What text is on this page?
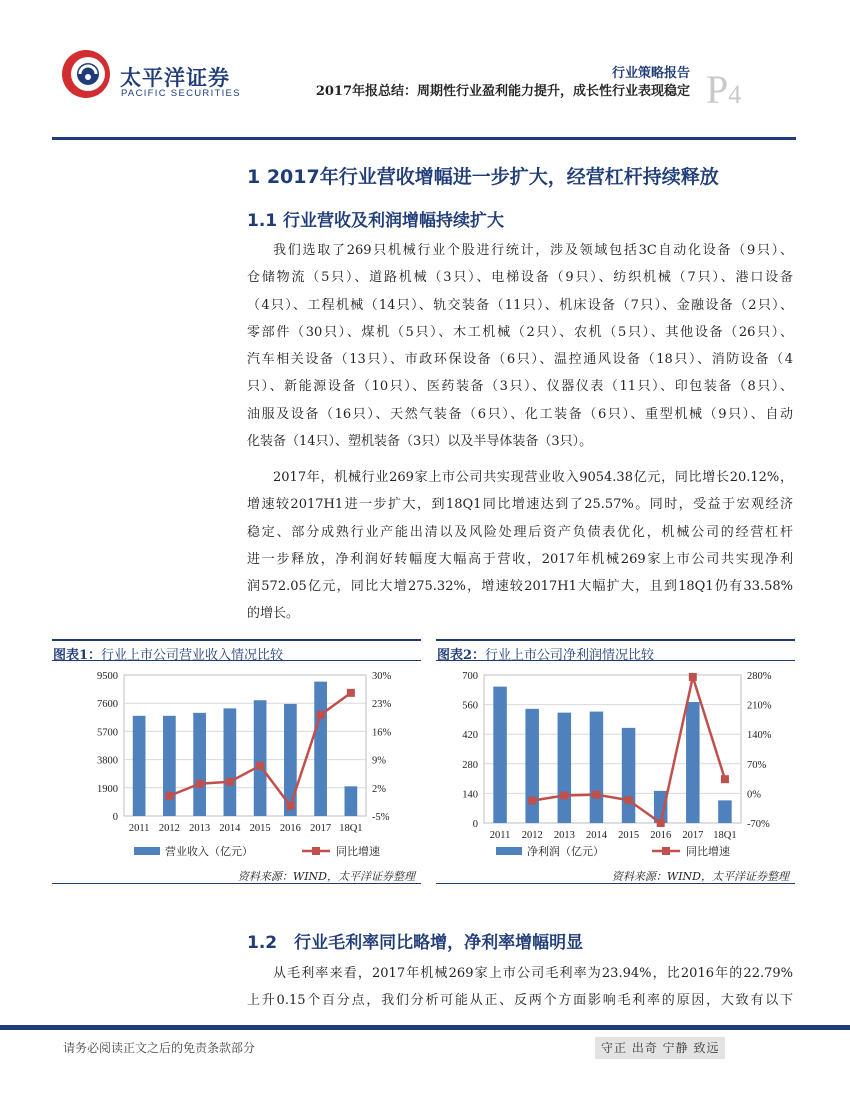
太平洋证券
PACIFIC SECURITIES
行业策略报告
2017年报总结：周期性行业盈利能力提升，成长性行业表现稳定 P4
1 2017年行业营收增幅进一步扩大，经营杠杆持续释放
1.1 行业营收及利润增幅持续扩大
我们选取了269只机械行业个股进行统计，涉及领域包括3C自动化设备（9只）、
仓储物流（5只）、道路机械（3只）、电梯设备（9只）、纺织机械（7只）、港口设备
（4只）、工程机械（14只）、轨交装备（11只）、机床设备（7只）、金融设备（2只）、
零部件（30只）、煤机（5只）、木工机械（2只）、农机（5只）、其他设备（26只）、
汽车相关设备（13只）、市政环保设备（6只）、温控通风设备（18只）、消防设备（4
只）、新能源设备（10只）、医药装备（3只）、仪器仪表（11只）、印包装备（8只）、
油服及设备（16只）、天然气装备（6只）、化工装备（6只）、重型机械（9只）、自动
化装备（14只）、塑机装备（3只）以及半导体装备（3只）。
2017年，机械行业269家上市公司共实现营业收入9054.38亿元，同比增长20.12%，
增速较2017H1进一步扩大，到18Q1同比增速达到了25.57%。同时，受益于宏观经济
稳定、部分成熟行业产能出清以及风险处理后资产负债表优化，机械公司的经营杠杆
进一步释放，净利润好转幅度大幅高于营收，2017年机械269家上市公司共实现净利
润572.05亿元，同比大增275.32%，增速较2017H1大幅扩大，且到18Q1仍有33.58%
的增长。
图表1：行业上市公司营业收入情况比较
0
1900
3800
5700
7600
9500
-5%
2%
9%
16%
23%
30%
2011 2012 2013 2014 2015 2016 2017 18Q1
营业收入（亿元）	同比增速
资料来源：WIND，太平洋证券整理
图表2：行业上市公司净利润情况比较
0
140
280
420
560
700
-70%
0%
70%
140%
210%
280%
2011 2012 2013 2014 2015 2016 2017 18Q1
净利润（亿元）	同比增速
资料来源：WIND，太平洋证券整理
1.2　行业毛利率同比略增，净利率增幅明显
从毛利率来看，2017年机械269家上市公司毛利率为23.94%，比2016年的22.79%
上升0.15个百分点，我们分析可能从正、反两个方面影响毛利率的原因，大致有以下
请务必阅读正文之后的免责条款部分	守正 出奇 宁静 致远
